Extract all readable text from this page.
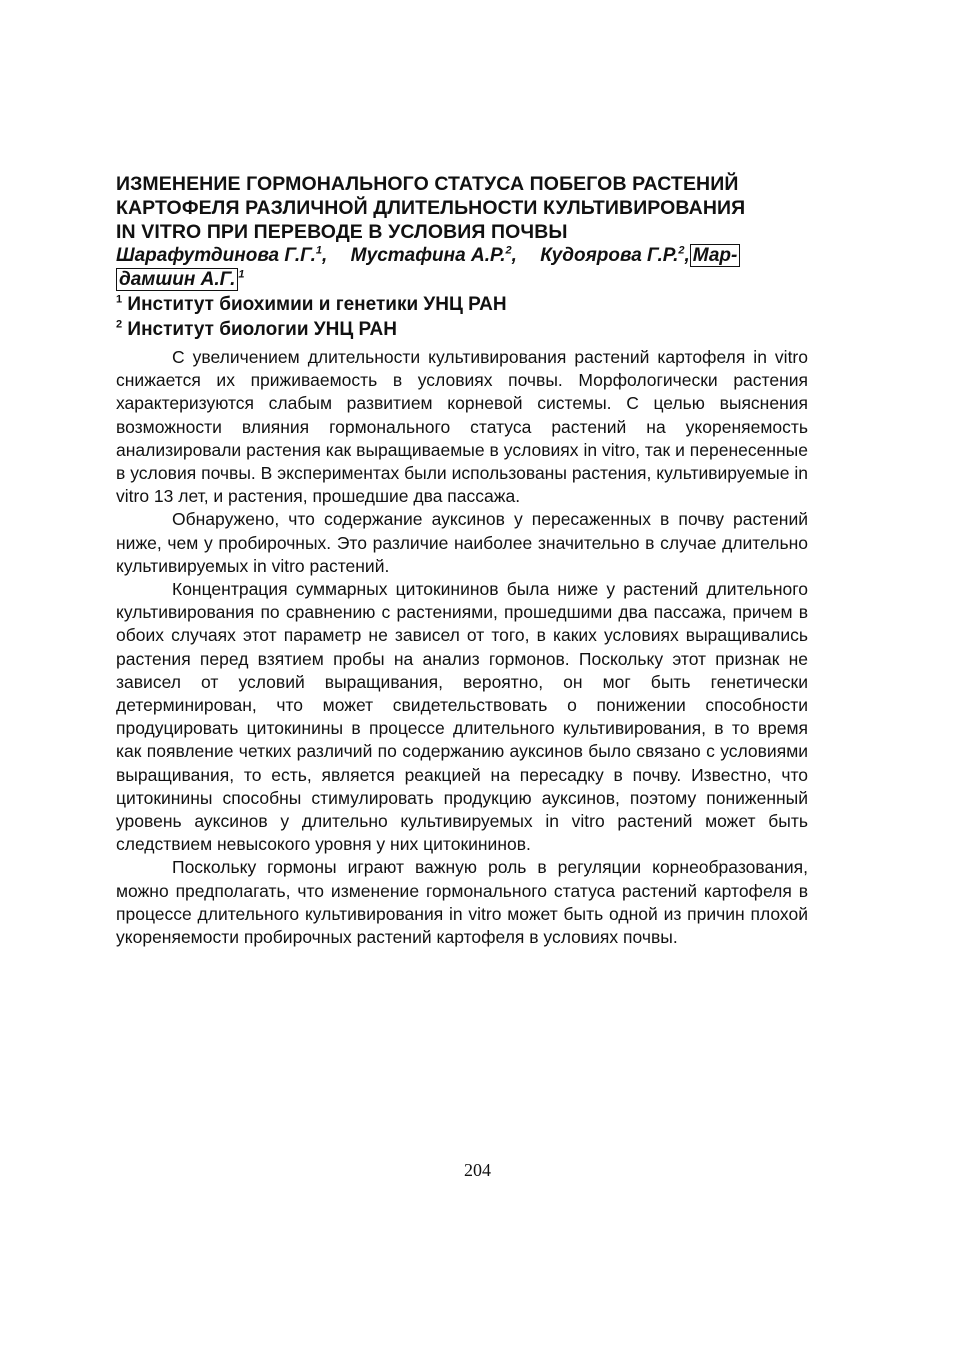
ИЗМЕНЕНИЕ ГОРМОНАЛЬНОГО СТАТУСА ПОБЕГОВ РАСТЕНИЙ
КАРТОФЕЛЯ РАЗЛИЧНОЙ ДЛИТЕЛЬНОСТИ КУЛЬТИВИРОВАНИЯ
IN VITRO ПРИ ПЕРЕВОДЕ В УСЛОВИЯ ПОЧВЫ
Шарафутдинова Г.Г.$^1$, Мустафина А.Р.$^2$, Кудоярова Г.Р.$^2$, Мар-
дамшин А.Г. $^1$
$^1$ Институт биохимии и генетики УНЦ РАН
$^2$ Институт биологии УНЦ РАН

С увеличением длительности культивирования растений картофеля in vitro снижается их приживаемость в условиях почвы. Морфологически растения характеризуются слабым развитием корневой системы. С целью выяснения возможности влияния гормонального статуса растений на укореняемость анализировали растения как выращиваемые в условиях in vitro, так и перенесенные в условия почвы. В экспериментах были использованы растения, культивируемые in vitro 13 лет, и растения, прошедшие два пассажа.

Обнаружено, что содержание ауксинов у пересаженных в почву растений ниже, чем у пробирочных. Это различие наиболее значительно в случае длительно культивируемых in vitro растений.

Концентрация суммарных цитокининов была ниже у растений длительного культивирования по сравнению с растениями, прошедшими два пассажа, причем в обоих случаях этот параметр не зависел от того, в каких условиях выращивались растения перед взятием пробы на анализ гормонов. Поскольку этот признак не зависел от условий выращивания, вероятно, он мог быть генетически детерминирован, что может свидетельствовать о понижении способности продуцировать цитокинины в процессе длительного культивирования, в то время как появление четких различий по содержанию ауксинов было связано с условиями выращивания, то есть, является реакцией на пересадку в почву. Известно, что цитокинины способны стимулировать продукцию ауксинов, поэтому пониженный уровень ауксинов у длительно культивируемых in vitro растений может быть следствием невысокого уровня у них цитокининов.

Поскольку гормоны играют важную роль в регуляции корнеобразования, можно предполагать, что изменение гормонального статуса растений картофеля в процессе длительного культивирования in vitro может быть одной из причин плохой укореняемости пробирочных растений картофеля в условиях почвы.

204
